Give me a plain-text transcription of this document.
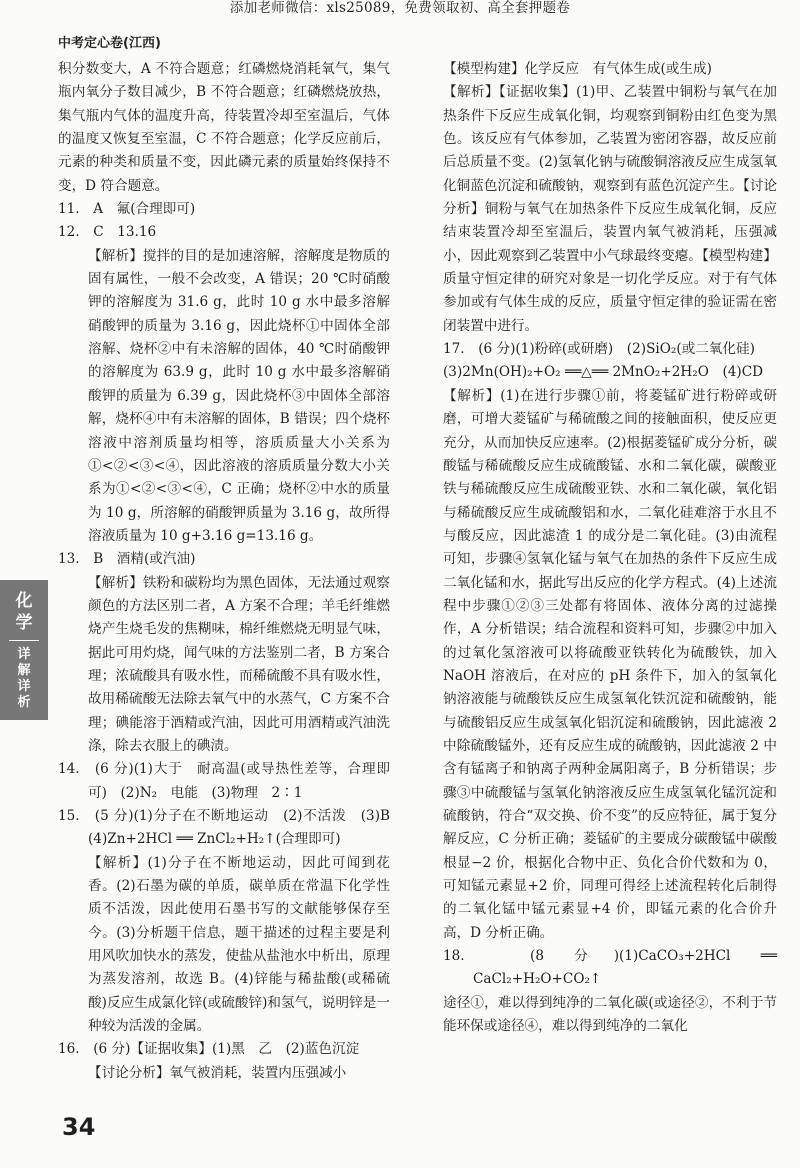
添加老师微信：xls25089，免费领取初、高全套押题卷
中考定心卷(江西)

积分数变大，A 不符合题意；红磷燃烧消耗氧气，集气瓶内氧分子数目减少，B 不符合题意；红磷燃烧放热，集气瓶内气体的温度升高，待装置冷却至室温后，气体的温度又恢复至室温，C 不符合题意；化学反应前后，元素的种类和质量不变，因此磷元素的质量始终保持不变，D 符合题意。

11.　A　氟(合理即可)

12.　C　13.16

【解析】搅拌的目的是加速溶解，溶解度是物质的固有属性，一般不会改变，A 错误；20 ℃时硝酸钾的溶解度为 31.6 g，此时 10 g 水中最多溶解硝酸钾的质量为 3.16 g，因此烧杯①中固体全部溶解、烧杯②中有未溶解的固体，40 ℃时硝酸钾的溶解度为 63.9 g，此时 10 g 水中最多溶解硝酸钾的质量为 6.39 g，因此烧杯③中固体全部溶解，烧杯④中有未溶解的固体，B 错误；四个烧杯溶液中溶剂质量均相等，溶质质量大小关系为①<②<③<④，因此溶液的溶质质量分数大小关系为①<②<③<④，C 正确；烧杯②中水的质量为 10 g，所溶解的硝酸钾质量为 3.16 g，故所得溶液质量为 10 g+3.16 g=13.16 g。

13.　B　酒精(或汽油)

【解析】铁粉和碳粉均为黑色固体，无法通过观察颜色的方法区别二者，A 方案不合理；羊毛纤维燃烧产生烧毛发的焦糊味，棉纤维燃烧无明显气味，据此可用灼烧，闻气味的方法鉴别二者，B 方案合理；浓硫酸具有吸水性，而稀硫酸不具有吸水性，故用稀硫酸无法除去氧气中的水蒸气，C 方案不合理；碘能溶于酒精或汽油，因此可用酒精或汽油洗涤，除去衣服上的碘渍。

14.　(6 分)(1)大于　耐高温(或导热性差等，合理即可)　(2)N₂　电能　(3)物理　2∶1

15.　(5 分)(1)分子在不断地运动　(2)不活泼　(3)B　(4)Zn+2HCl ══ ZnCl₂+H₂↑(合理即可)

【解析】(1)分子在不断地运动，因此可闻到花香。(2)石墨为碳的单质，碳单质在常温下化学性质不活泼，因此使用石墨书写的文献能够保存至今。(3)分析题干信息，题干描述的过程主要是利用风吹加快水的蒸发，使盐从盐池水中析出，原理为蒸发溶剂，故选 B。(4)锌能与稀盐酸(或稀硫酸)反应生成氯化锌(或硫酸锌)和氢气，说明锌是一种较为活泼的金属。

16.　(6 分)【证据收集】(1)黑　乙　(2)蓝色沉淀

【讨论分析】氧气被消耗，装置内压强减小

【模型构建】化学反应　有气体生成(或生成)

【解析】【证据收集】(1)甲、乙装置中铜粉与氧气在加热条件下反应生成氧化铜，均观察到铜粉由红色变为黑色。该反应有气体参加，乙装置为密闭容器，故反应前后总质量不变。(2)氢氧化钠与硫酸铜溶液反应生成氢氧化铜蓝色沉淀和硫酸钠，观察到有蓝色沉淀产生。【讨论分析】铜粉与氧气在加热条件下反应生成氧化铜，反应结束装置冷却至室温后，装置内氧气被消耗，压强减小，因此观察到乙装置中小气球最终变瘪。【模型构建】质量守恒定律的研究对象是一切化学反应。对于有气体参加或有气体生成的反应，质量守恒定律的验证需在密闭装置中进行。

17.　(6 分)(1)粉碎(或研磨)　(2)SiO₂(或二氧化硅)

(3)2Mn(OH)₂+O₂ ══△══ 2MnO₂+2H₂O　(4)CD

【解析】(1)在进行步骤①前，将菱锰矿进行粉碎或研磨，可增大菱锰矿与稀硫酸之间的接触面积，使反应更充分，从而加快反应速率。(2)根据菱锰矿成分分析，碳酸锰与稀硫酸反应生成硫酸锰、水和二氧化碳，碳酸亚铁与稀硫酸反应生成硫酸亚铁、水和二氧化碳，氧化铝与稀硫酸反应生成硫酸铝和水，二氧化硅难溶于水且不与酸反应，因此滤渣 1 的成分是二氧化硅。(3)由流程可知，步骤④氢氧化锰与氧气在加热的条件下反应生成二氧化锰和水，据此写出反应的化学方程式。(4)上述流程中步骤①②③三处都有将固体、液体分离的过滤操作，A 分析错误；结合流程和资料可知，步骤②中加入的过氧化氢溶液可以将硫酸亚铁转化为硫酸铁，加入 NaOH 溶液后，在对应的 pH 条件下，加入的氢氧化钠溶液能与硫酸铁反应生成氢氧化铁沉淀和硫酸钠，能与硫酸铝反应生成氢氧化铝沉淀和硫酸钠，因此滤液 2 中除硫酸锰外，还有反应生成的硫酸钠，因此滤液 2 中含有锰离子和钠离子两种金属阳离子，B 分析错误；步骤③中硫酸锰与氢氧化钠溶液反应生成氢氧化锰沉淀和硫酸钠，符合“双交换、价不变”的反应特征，属于复分解反应，C 分析正确；菱锰矿的主要成分碳酸锰中碳酸根显−2 价，根据化合物中正、负化合价代数和为 0，可知锰元素显+2 价，同理可得经上述流程转化后制得的二氧化锰中锰元素显+4 价，即锰元素的化合价升高，D 分析正确。

18.　(8 分)(1)CaCO₃+2HCl ══ CaCl₂+H₂O+CO₂↑

途径①，难以得到纯净的二氧化碳(或途径②，不利于节能环保或途径④，难以得到纯净的二氧化

化
学
详
解
详
析
34
